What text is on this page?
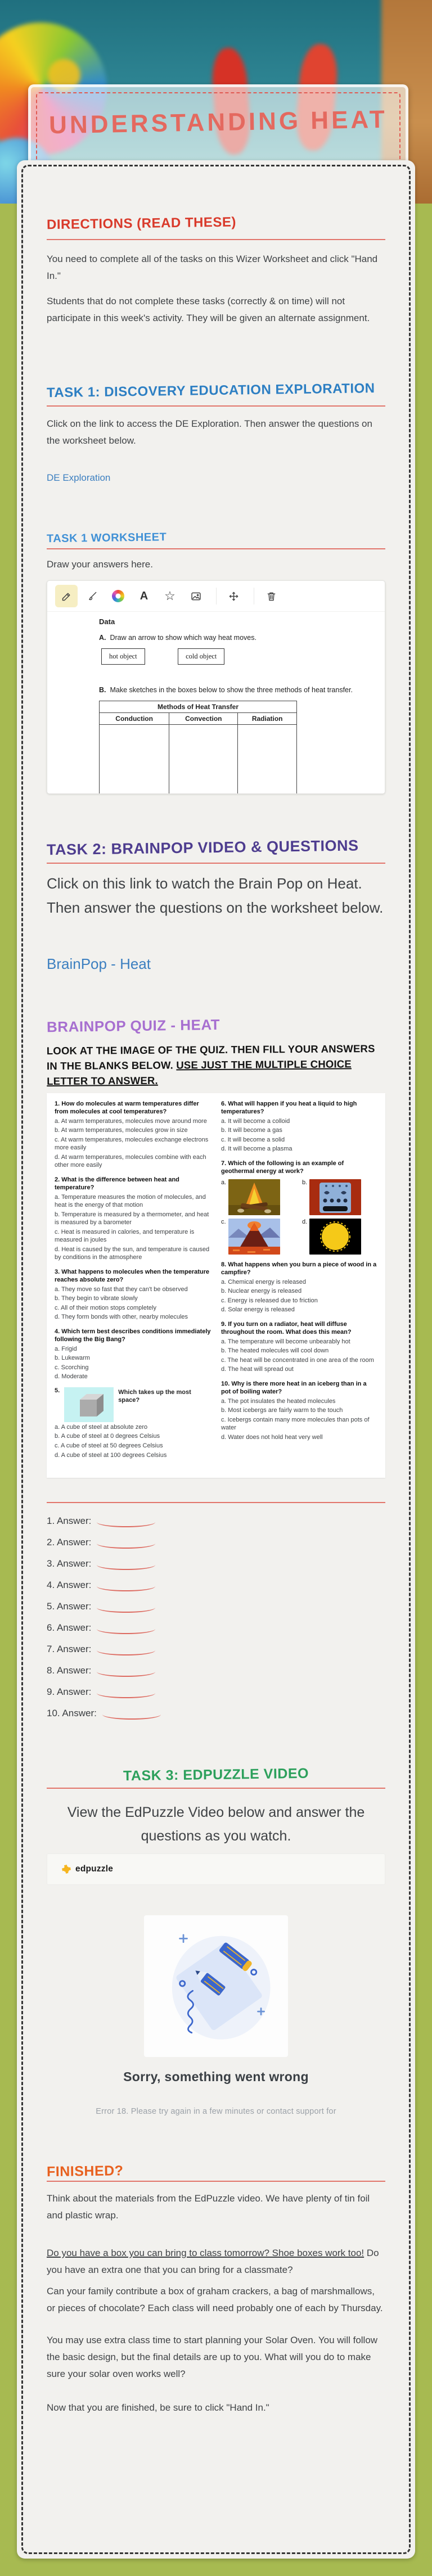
UNDERSTANDING HEAT
DIRECTIONS (READ THESE)

You need to complete all of the tasks on this Wizer Worksheet and click "Hand In."

Students that do not complete these tasks (correctly & on time) will not participate in this week's activity. They will be given an alternate assignment.

TASK 1: DISCOVERY EDUCATION EXPLORATION

Click on the link to access the DE Exploration. Then answer the questions on the worksheet below.

DE Exploration

TASK 1 WORKSHEET

Draw your answers here.

A ☆
Data
A. Draw an arrow to show which way heat moves.
hot object	cold object
B. Make sketches in the boxes below to show the three methods of heat transfer.
Methods of Heat Transfer		
Conduction	Convection	Radiation

TASK 2: BRAINPOP VIDEO & QUESTIONS

Click on this link to watch the Brain Pop on Heat. Then answer the questions on the worksheet below.

BrainPop - Heat

BRAINPOP QUIZ - HEAT

LOOK AT THE IMAGE OF THE QUIZ. THEN FILL YOUR ANSWERS IN THE BLANKS BELOW. USE JUST THE MULTIPLE CHOICE LETTER TO ANSWER.

1. How do molecules at warm temperatures differ from molecules at cool temperatures?

a. At warm temperatures, molecules move around more

b. At warm temperatures, molecules grow in size

c. At warm temperatures, molecules exchange electrons more easily

d. At warm temperatures, molecules combine with each other more easily

2. What is the difference between heat and temperature?

a. Temperature measures the motion of molecules, and heat is the energy of that motion

b. Temperature is measured by a thermometer, and heat is measured by a barometer

c. Heat is measured in calories, and temperature is measured in joules

d. Heat is caused by the sun, and temperature is caused by conditions in the atmosphere

3. What happens to molecules when the temperature reaches absolute zero?

a. They move so fast that they can't be observed

b. They begin to vibrate slowly

c. All of their motion stops completely

d. They form bonds with other, nearby molecules

4. Which term best describes conditions immediately following the Big Bang?

a. Frigid

b. Lukewarm

c. Scorching

d. Moderate

5.	Which takes up the most space?

a. A cube of steel at absolute zero

b. A cube of steel at 0 degrees Celsius

c. A cube of steel at 50 degrees Celsius

d. A cube of steel at 100 degrees Celsius

6. What will happen if you heat a liquid to high temperatures?

a. It will become a colloid

b. It will become a gas

c. It will become a solid

d. It will become a plasma

7. Which of the following is an example of geothermal energy at work?

a.	b.
c.	d.

8. What happens when you burn a piece of wood in a campfire?

a. Chemical energy is released

b. Nuclear energy is released

c. Energy is released due to friction

d. Solar energy is released

9. If you turn on a radiator, heat will diffuse throughout the room. What does this mean?

a. The temperature will become unbearably hot

b. The heated molecules will cool down

c. The heat will be concentrated in one area of the room

d. The heat will spread out

10. Why is there more heat in an iceberg than in a pot of boiling water?

a. The pot insulates the heated molecules

b. Most icebergs are fairly warm to the touch

c. Icebergs contain many more molecules than pots of water

d. Water does not hold heat very well

1. Answer:
2. Answer:
3. Answer:
4. Answer:
5. Answer:
6. Answer:
7. Answer:
8. Answer:
9. Answer:
10. Answer:
TASK 3: EDPUZZLE VIDEO

View the EdPuzzle Video below and answer the questions as you watch.

edpuzzle
Sorry, something went wrong
Error 18. Please try again in a few minutes or contact support for
FINISHED?

Think about the materials from the EdPuzzle video. We have plenty of tin foil and plastic wrap.

Do you have a box you can bring to class tomorrow? Shoe boxes work too! Do you have an extra one that you can bring for a classmate?

Can your family contribute a box of graham crackers, a bag of marshmallows, or pieces of chocolate? Each class will need probably one of each by Thursday.

You may use extra class time to start planning your Solar Oven. You will follow the basic design, but the final details are up to you. What will you do to make sure your solar oven works well?

Now that you are finished, be sure to click "Hand In."
